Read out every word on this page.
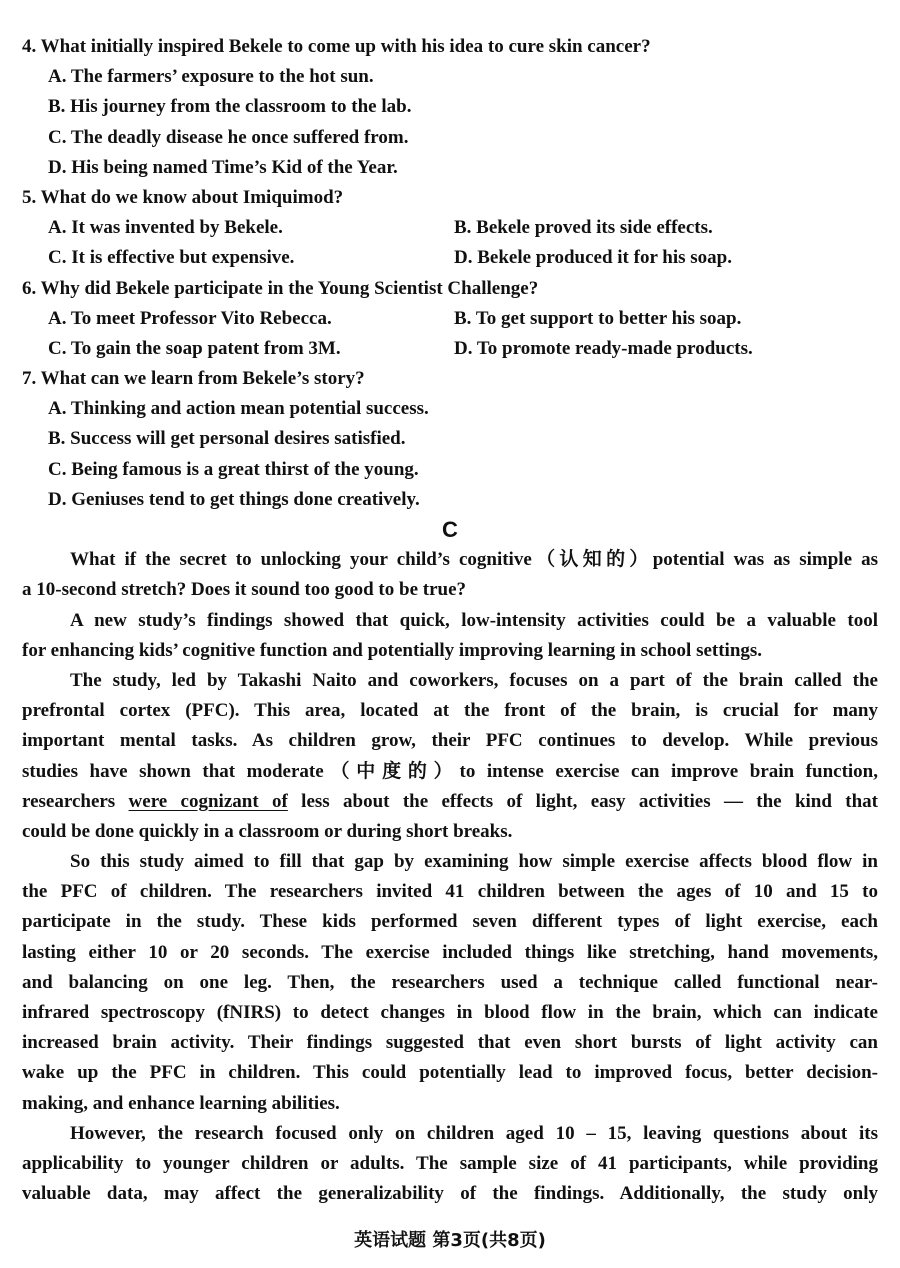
4. What initially inspired Bekele to come up with his idea to cure skin cancer?
A. The farmers’ exposure to the hot sun.
B. His journey from the classroom to the lab.
C. The deadly disease he once suffered from.
D. His being named Time’s Kid of the Year.
5. What do we know about Imiquimod?
A. It was invented by Bekele.	B. Bekele proved its side effects.
C. It is effective but expensive.	D. Bekele produced it for his soap.
6. Why did Bekele participate in the Young Scientist Challenge?
A. To meet Professor Vito Rebecca.	B. To get support to better his soap.
C. To gain the soap patent from 3M.	D. To promote ready-made products.
7. What can we learn from Bekele’s story?
A. Thinking and action mean potential success.
B. Success will get personal desires satisfied.
C. Being famous is a great thirst of the young.
D. Geniuses tend to get things done creatively.
C
What if the secret to unlocking your child’s cognitive（认知的）potential was as simple as
a 10-second stretch? Does it sound too good to be true?
A new study’s findings showed that quick, low-intensity activities could be a valuable tool
for enhancing kids’ cognitive function and potentially improving learning in school settings.
The study, led by Takashi Naito and coworkers, focuses on a part of the brain called the
prefrontal cortex (PFC). This area, located at the front of the brain, is crucial for many
important mental tasks. As children grow, their PFC continues to develop. While previous
studies have shown that moderate（中度的）to intense exercise can improve brain function,
researchers were cognizant of less about the effects of light, easy activities — the kind that
could be done quickly in a classroom or during short breaks.
So this study aimed to fill that gap by examining how simple exercise affects blood flow in
the PFC of children. The researchers invited 41 children between the ages of 10 and 15 to
participate in the study. These kids performed seven different types of light exercise, each
lasting either 10 or 20 seconds. The exercise included things like stretching, hand movements,
and balancing on one leg. Then, the researchers used a technique called functional near-
infrared spectroscopy (fNIRS) to detect changes in blood flow in the brain, which can indicate
increased brain activity. Their findings suggested that even short bursts of light activity can
wake up the PFC in children. This could potentially lead to improved focus, better decision-
making, and enhance learning abilities.
However, the research focused only on children aged 10 – 15, leaving questions about its
applicability to younger children or adults. The sample size of 41 participants, while providing
valuable data, may affect the generalizability of the findings. Additionally, the study only
英语试题 第3页(共8页)
